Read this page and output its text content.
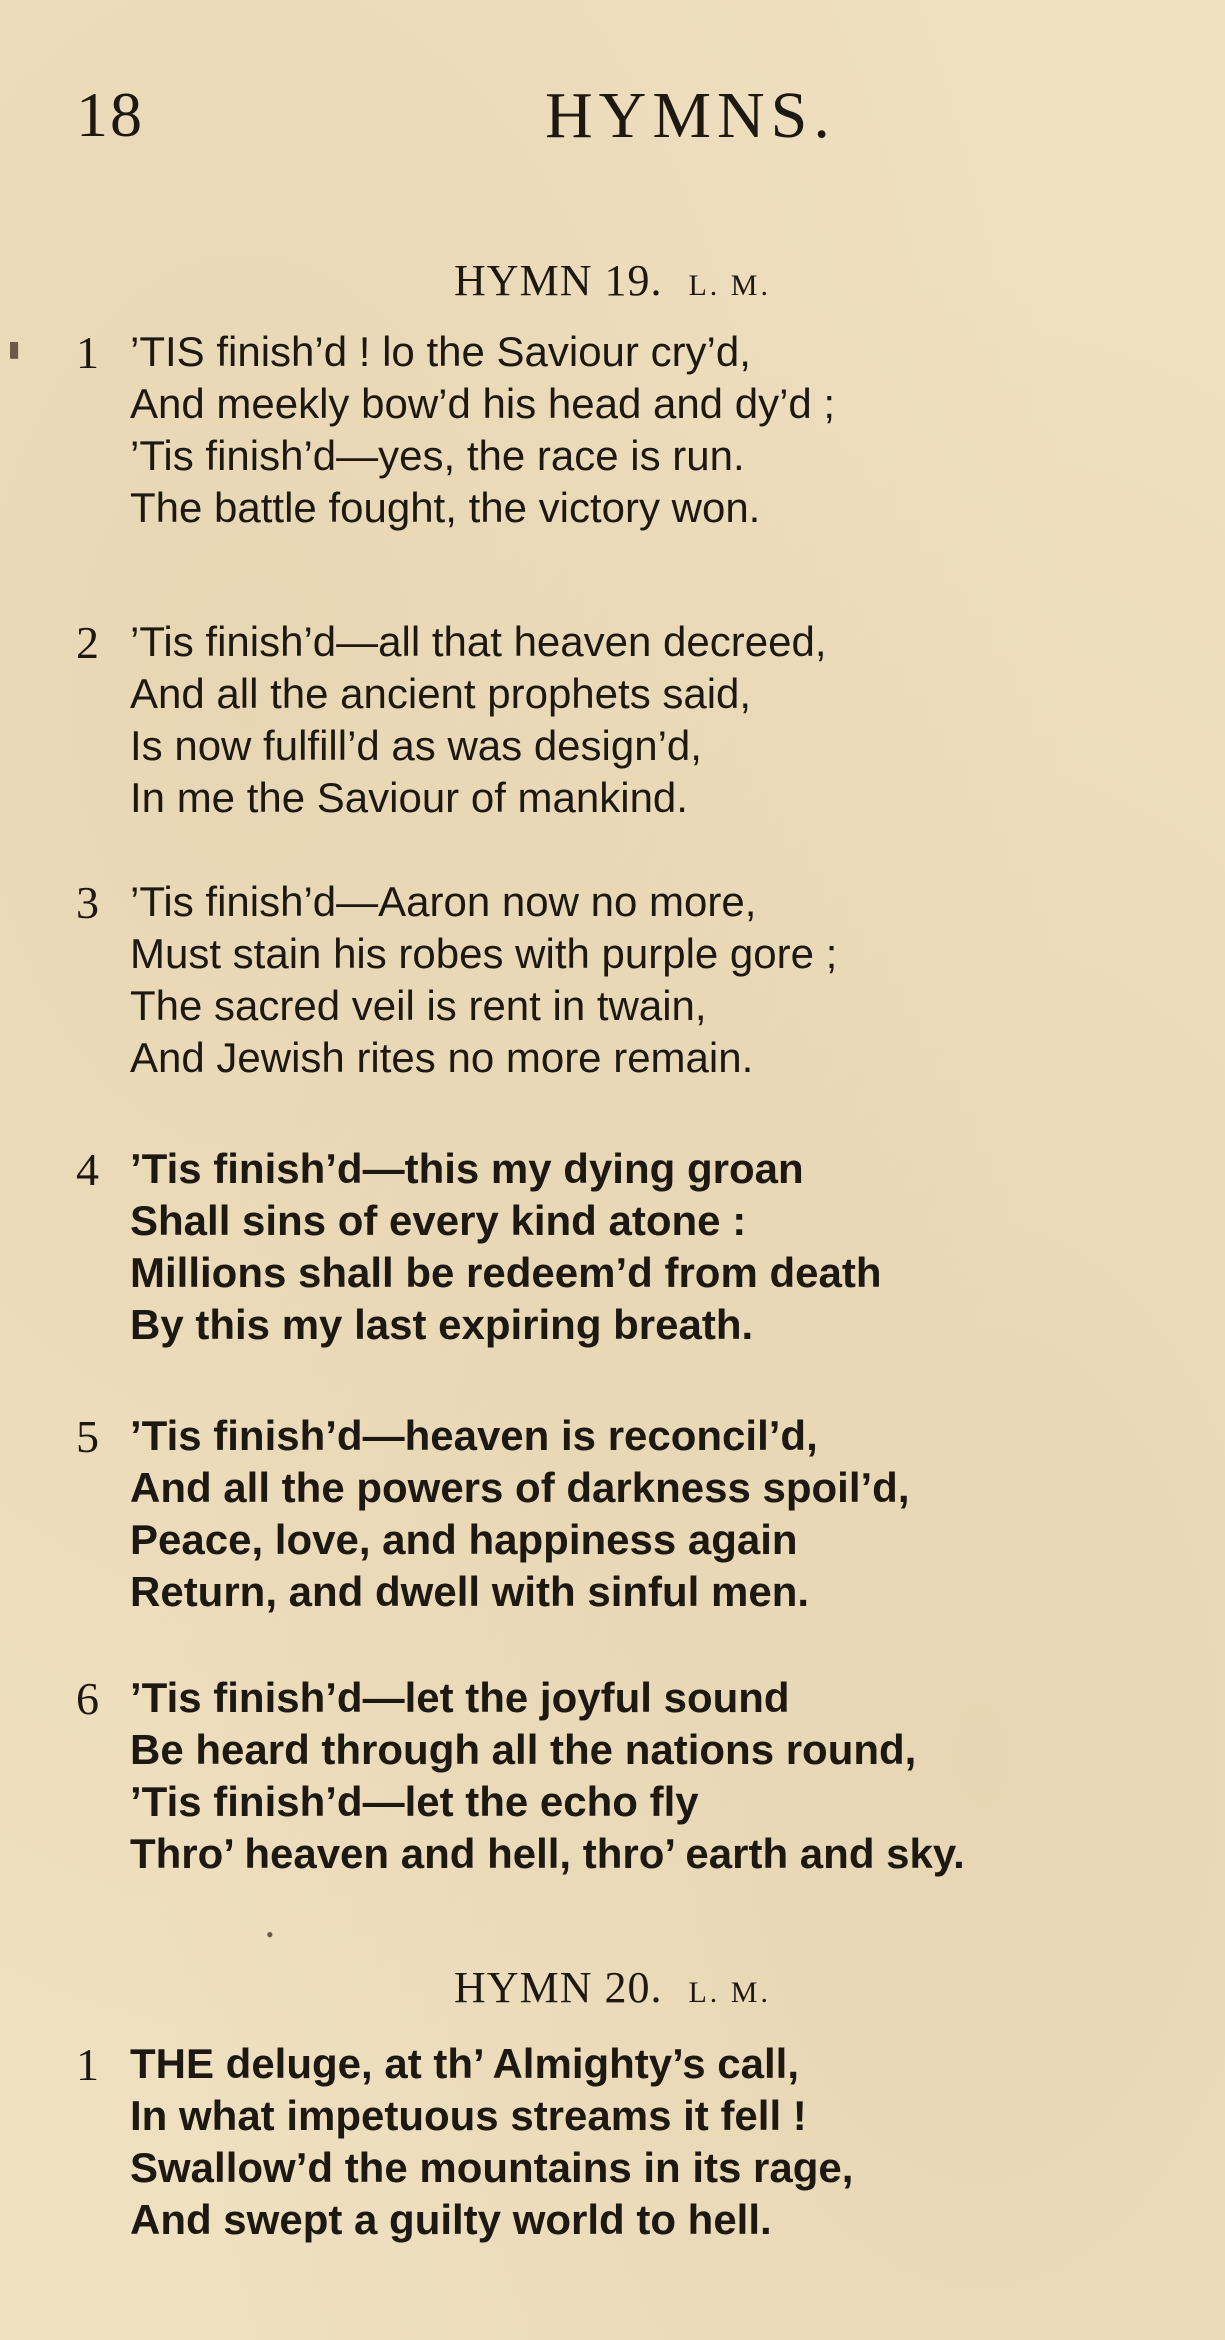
18	HYMNS.
HYMN 19. L. M.
1 ’TIS finish’d ! lo the Saviour cry’d,
And meekly bow’d his head and dy’d ;
’Tis finish’d—yes, the race is run.
The battle fought, the victory won.
2 ’Tis finish’d—all that heaven decreed,
And all the ancient prophets said,
Is now fulfill’d as was design’d,
In me the Saviour of mankind.
3 ’Tis finish’d—Aaron now no more,
Must stain his robes with purple gore ;
The sacred veil is rent in twain,
And Jewish rites no more remain.
4 ’Tis finish’d—this my dying groan
Shall sins of every kind atone :
Millions shall be redeem’d from death
By this my last expiring breath.
5 ’Tis finish’d—heaven is reconcil’d,
And all the powers of darkness spoil’d,
Peace, love, and happiness again
Return, and dwell with sinful men.
6 ’Tis finish’d—let the joyful sound
Be heard through all the nations round,
’Tis finish’d—let the echo fly
Thro’ heaven and hell, thro’ earth and sky.
HYMN 20. L. M.
1 THE deluge, at th’ Almighty’s call,
In what impetuous streams it fell !
Swallow’d the mountains in its rage,
And swept a guilty world to hell.
▮
•
